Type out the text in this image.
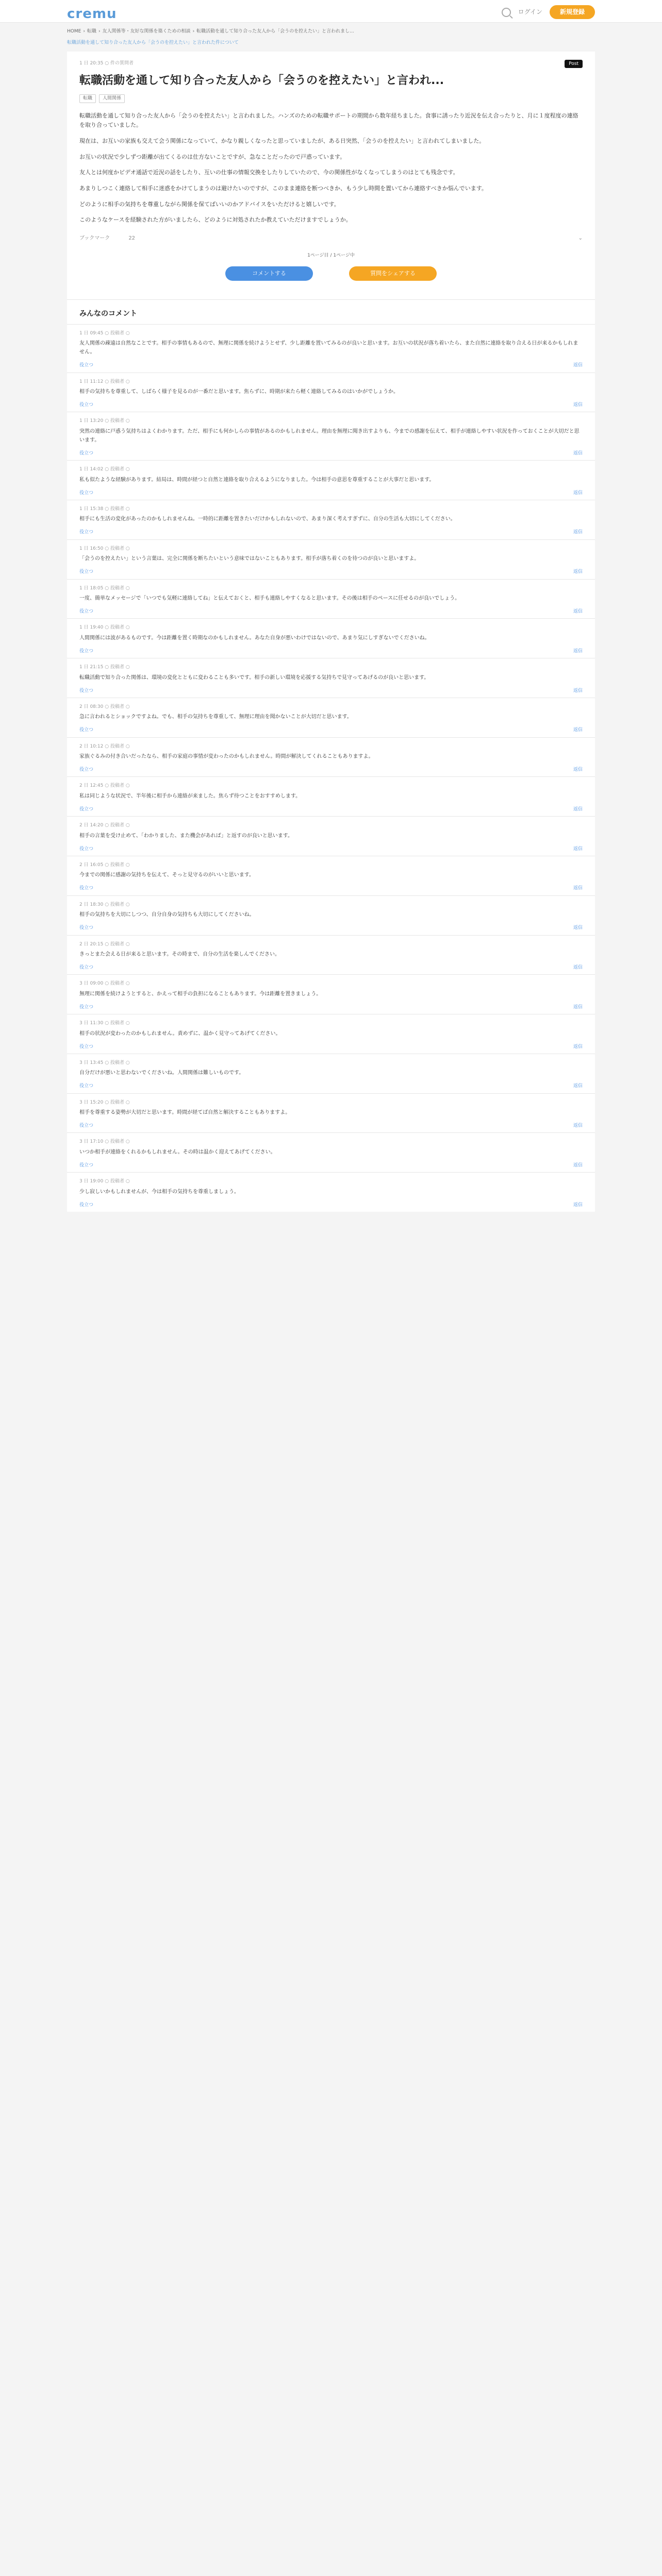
cremu	ログイン	新規登録
HOME › 転職 › 友人関係等・友好な関係を築くための相談 › 転職活動を通して知り合った友人から「会うのを控えたい」と言われまし...
転職活動を通して知り合った友人から「会うのを控えたい」と言われた件について
1 日 20:35 ○ 件の質問者	Post
転職活動を通して知り合った友人から「会うのを控えたい」と言われ...
転職	人間関係

転職活動を通して知り合った友人から「会うのを控えたい」と言われました。ハンズのための転職サポートの期間から数年経ちました。食事に誘ったり近況を伝え合ったりと、月に１度程度の連絡を取り合っていました。

現在は、お互いの家族も交えて会う関係になっていて、かなり親しくなったと思っていましたが、ある日突然、「会うのを控えたい」と言われてしまいました。

お互いの状況で少しずつ距離が出てくるのは仕方ないことですが、急なことだったので戸惑っています。

友人とは何度かビデオ通話で近況の話をしたり、互いの仕事の情報交換をしたりしていたので、今の関係性がなくなってしまうのはとても残念です。

あまりしつこく連絡して相手に迷惑をかけてしまうのは避けたいのですが、このまま連絡を断つべきか、もう少し時間を置いてから連絡すべきか悩んでいます。

どのように相手の気持ちを尊重しながら関係を保てばいいのかアドバイスをいただけると嬉しいです。

このようなケースを経験された方がいましたら、どのように対処されたか教えていただけますでしょうか。

ブックマーク	22	⌄
1ページ目 / 1ページ中
コメントする	質問をシェアする
みんなのコメント
1 日 09:45 ○ 投稿者 ○
友人関係の疎遠は自然なことです。相手の事情もあるので、無理に関係を続けようとせず、少し距離を置いてみるのが良いと思います。お互いの状況が落ち着いたら、また自然に連絡を取り合える日が来るかもしれません。
役立つ	返信
1 日 11:12 ○ 投稿者 ○
相手の気持ちを尊重して、しばらく様子を見るのが一番だと思います。焦らずに、時期が来たら軽く連絡してみるのはいかがでしょうか。
役立つ	返信
1 日 13:20 ○ 投稿者 ○
突然の連絡に戸惑う気持ちはよくわかります。ただ、相手にも何かしらの事情があるのかもしれません。理由を無理に聞き出すよりも、今までの感謝を伝えて、相手が連絡しやすい状況を作っておくことが大切だと思います。
役立つ	返信
1 日 14:02 ○ 投稿者 ○
私も似たような経験があります。結局は、時間が経つと自然と連絡を取り合えるようになりました。今は相手の意思を尊重することが大事だと思います。
役立つ	返信
1 日 15:38 ○ 投稿者 ○
相手にも生活の変化があったのかもしれませんね。一時的に距離を置きたいだけかもしれないので、あまり深く考えすぎずに、自分の生活も大切にしてください。
役立つ	返信
1 日 16:50 ○ 投稿者 ○
「会うのを控えたい」という言葉は、完全に関係を断ちたいという意味ではないこともあります。相手が落ち着くのを待つのが良いと思いますよ。
役立つ	返信
1 日 18:05 ○ 投稿者 ○
一度、簡単なメッセージで「いつでも気軽に連絡してね」と伝えておくと、相手も連絡しやすくなると思います。その後は相手のペースに任せるのが良いでしょう。
役立つ	返信
1 日 19:40 ○ 投稿者 ○
人間関係には波があるものです。今は距離を置く時期なのかもしれません。あなた自身が悪いわけではないので、あまり気にしすぎないでくださいね。
役立つ	返信
1 日 21:15 ○ 投稿者 ○
転職活動で知り合った関係は、環境の変化とともに変わることも多いです。相手の新しい環境を応援する気持ちで見守ってあげるのが良いと思います。
役立つ	返信
2 日 08:30 ○ 投稿者 ○
急に言われるとショックですよね。でも、相手の気持ちを尊重して、無理に理由を聞かないことが大切だと思います。
役立つ	返信
2 日 10:12 ○ 投稿者 ○
家族ぐるみの付き合いだったなら、相手の家庭の事情が変わったのかもしれません。時間が解決してくれることもありますよ。
役立つ	返信
2 日 12:45 ○ 投稿者 ○
私は同じような状況で、半年後に相手から連絡が来ました。焦らず待つことをおすすめします。
役立つ	返信
2 日 14:20 ○ 投稿者 ○
相手の言葉を受け止めて、「わかりました、また機会があれば」と返すのが良いと思います。
役立つ	返信
2 日 16:05 ○ 投稿者 ○
今までの関係に感謝の気持ちを伝えて、そっと見守るのがいいと思います。
役立つ	返信
2 日 18:30 ○ 投稿者 ○
相手の気持ちを大切にしつつ、自分自身の気持ちも大切にしてくださいね。
役立つ	返信
2 日 20:15 ○ 投稿者 ○
きっとまた会える日が来ると思います。その時まで、自分の生活を楽しんでください。
役立つ	返信
3 日 09:00 ○ 投稿者 ○
無理に関係を続けようとすると、かえって相手の負担になることもあります。今は距離を置きましょう。
役立つ	返信
3 日 11:30 ○ 投稿者 ○
相手の状況が変わったのかもしれません。責めずに、温かく見守ってあげてください。
役立つ	返信
3 日 13:45 ○ 投稿者 ○
自分だけが悪いと思わないでくださいね。人間関係は難しいものです。
役立つ	返信
3 日 15:20 ○ 投稿者 ○
相手を尊重する姿勢が大切だと思います。時間が経てば自然と解決することもありますよ。
役立つ	返信
3 日 17:10 ○ 投稿者 ○
いつか相手が連絡をくれるかもしれません。その時は温かく迎えてあげてください。
役立つ	返信
3 日 19:00 ○ 投稿者 ○
少し寂しいかもしれませんが、今は相手の気持ちを尊重しましょう。
役立つ	返信
